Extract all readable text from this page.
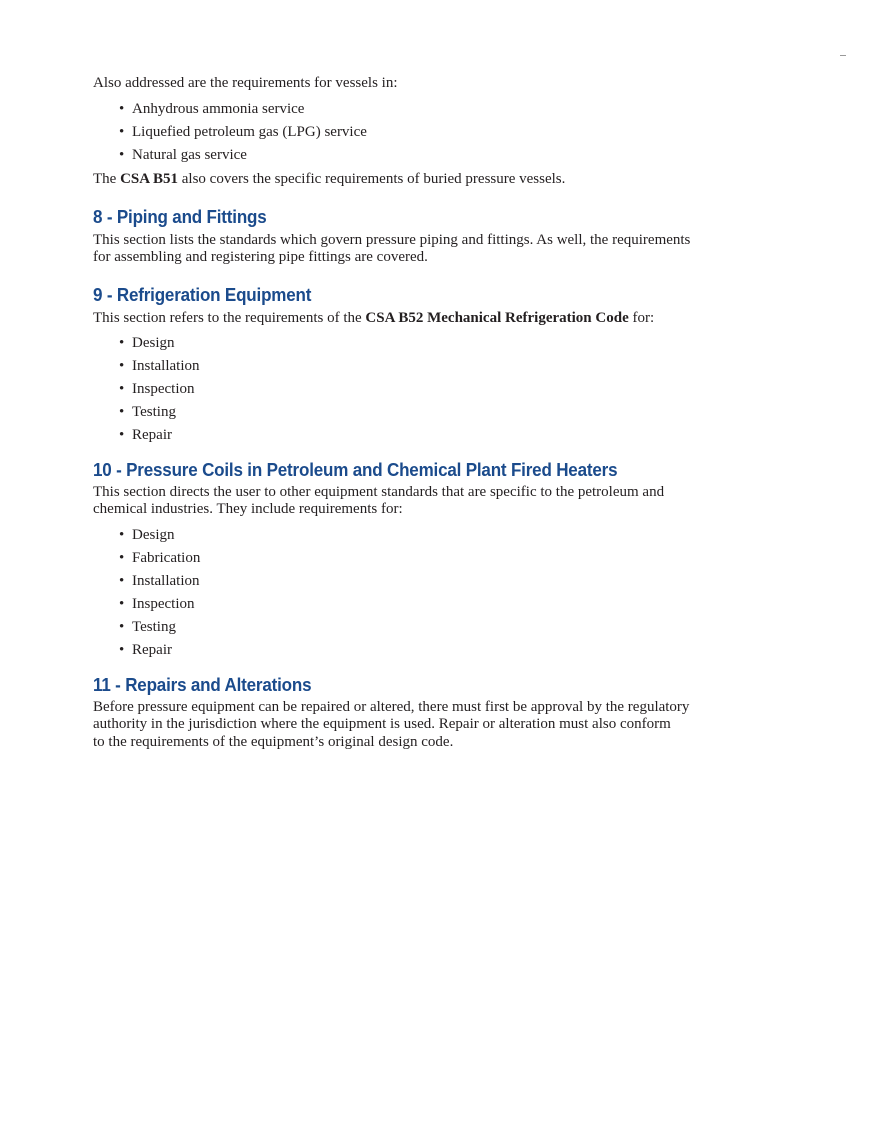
Also addressed are the requirements for vessels in:
• Anhydrous ammonia service
• Liquefied petroleum gas (LPG) service
• Natural gas service
The CSA B51 also covers the specific requirements of buried pressure vessels.
8 - Piping and Fittings
This section lists the standards which govern pressure piping and fittings. As well, the requirements
for assembling and registering pipe fittings are covered.
9 - Refrigeration Equipment
This section refers to the requirements of the CSA B52 Mechanical Refrigeration Code for:
• Design
• Installation
• Inspection
• Testing
• Repair
10 - Pressure Coils in Petroleum and Chemical Plant Fired Heaters
This section directs the user to other equipment standards that are specific to the petroleum and
chemical industries. They include requirements for:
• Design
• Fabrication
• Installation
• Inspection
• Testing
• Repair
11 - Repairs and Alterations
Before pressure equipment can be repaired or altered, there must first be approval by the regulatory
authority in the jurisdiction where the equipment is used. Repair or alteration must also conform
to the requirements of the equipment’s original design code.
